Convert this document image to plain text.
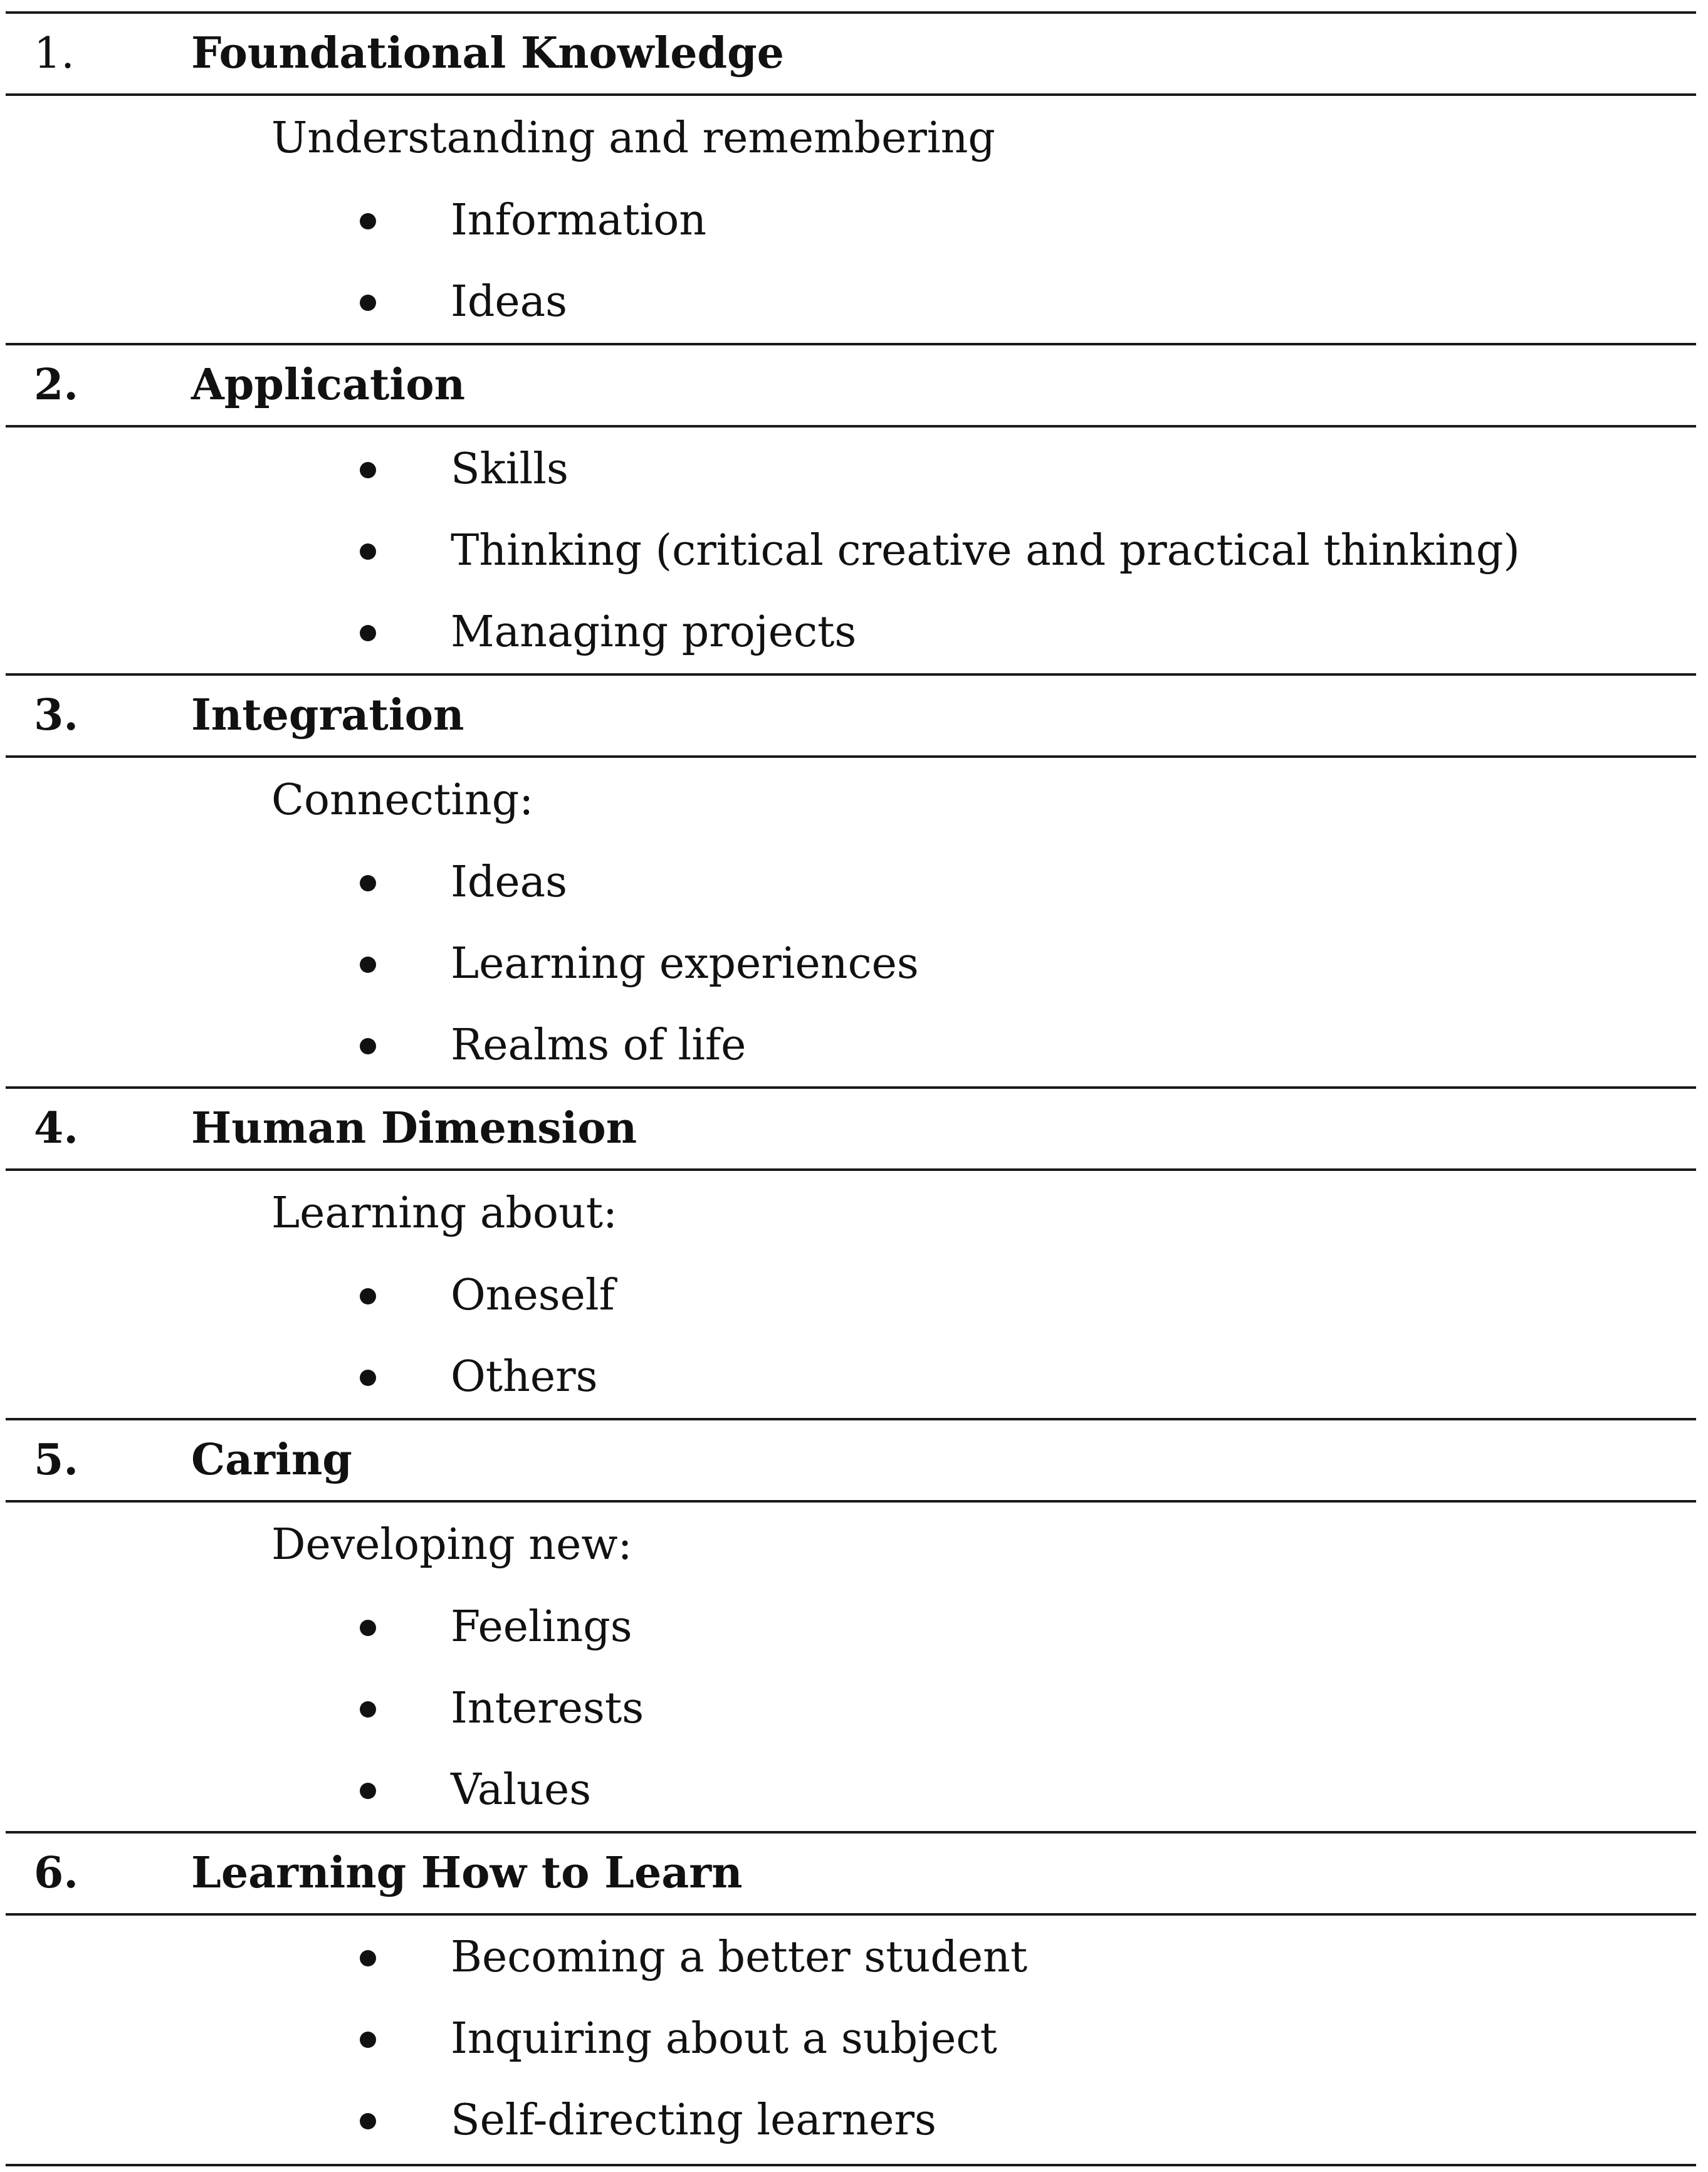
1.	Foundational Knowledge
Understanding and remembering
Information
Ideas
2.	Application
Skills
Thinking (critical creative and practical thinking)
Managing projects
3.	Integration
Connecting:
Ideas
Learning experiences
Realms of life
4.	Human Dimension
Learning about:
Oneself
Others
5.	Caring
Developing new:
Feelings
Interests
Values
6.	Learning How to Learn
Becoming a better student
Inquiring about a subject
Self-directing learners
